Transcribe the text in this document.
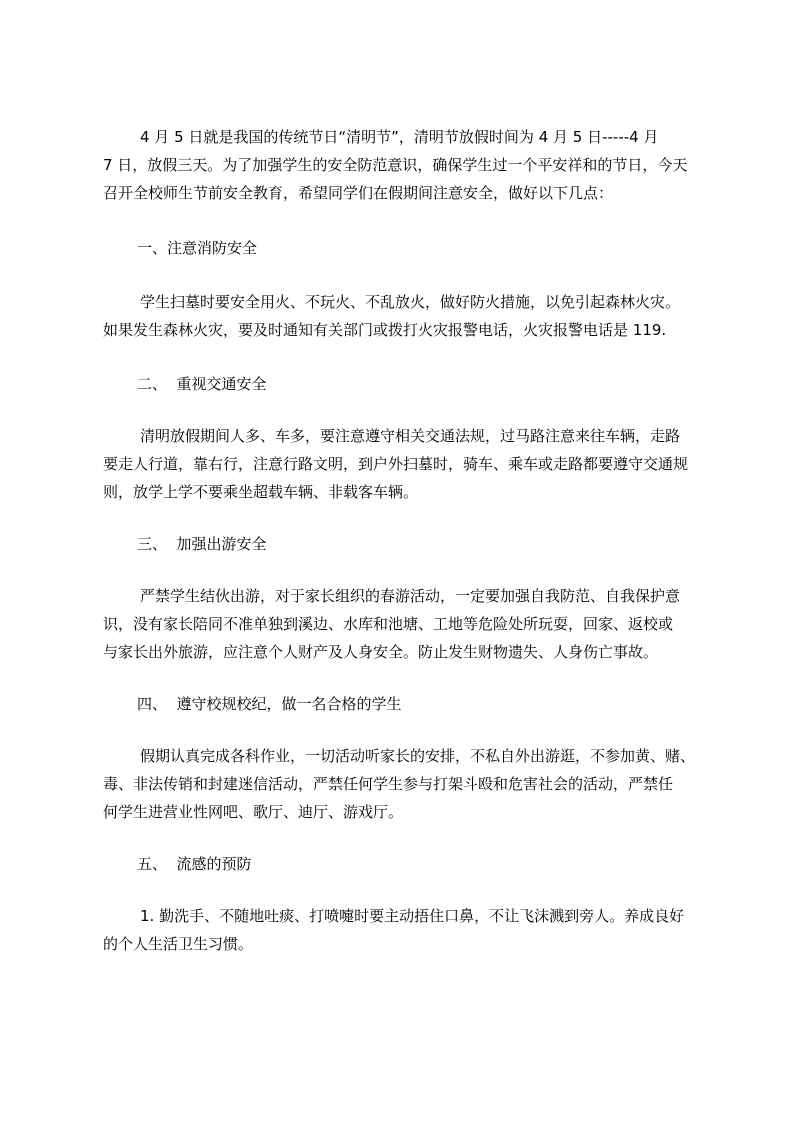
4 月 5 日就是我国的传统节日“清明节”，清明节放假时间为 4 月 5 日-----4 月

7 日，放假三天。为了加强学生的安全防范意识，确保学生过一个平安祥和的节日，今天

召开全校师生节前安全教育，希望同学们在假期间注意安全，做好以下几点：

一、注意消防安全

学生扫墓时要安全用火、不玩火、不乱放火，做好防火措施，以免引起森林火灾。

如果发生森林火灾，要及时通知有关部门或拨打火灾报警电话，火灾报警电话是 119.

二、  重视交通安全

清明放假期间人多、车多，要注意遵守相关交通法规，过马路注意来往车辆，走路

要走人行道，靠右行，注意行路文明，到户外扫墓时，骑车、乘车或走路都要遵守交通规

则，放学上学不要乘坐超载车辆、非载客车辆。

三、  加强出游安全

严禁学生结伙出游，对于家长组织的春游活动，一定要加强自我防范、自我保护意

识，没有家长陪同不准单独到溪边、水库和池塘、工地等危险处所玩耍，回家、返校或

与家长出外旅游，应注意个人财产及人身安全。防止发生财物遗失、人身伤亡事故。

四、  遵守校规校纪，做一名合格的学生

假期认真完成各科作业，一切活动听家长的安排，不私自外出游逛，不参加黄、赌、

毒、非法传销和封建迷信活动，严禁任何学生参与打架斗殴和危害社会的活动，严禁任

何学生进营业性网吧、歌厅、迪厅、游戏厅。

五、  流感的预防

1. 勤洗手、不随地吐痰、打喷嚏时要主动捂住口鼻，不让飞沫溅到旁人。养成良好

的个人生活卫生习惯。
